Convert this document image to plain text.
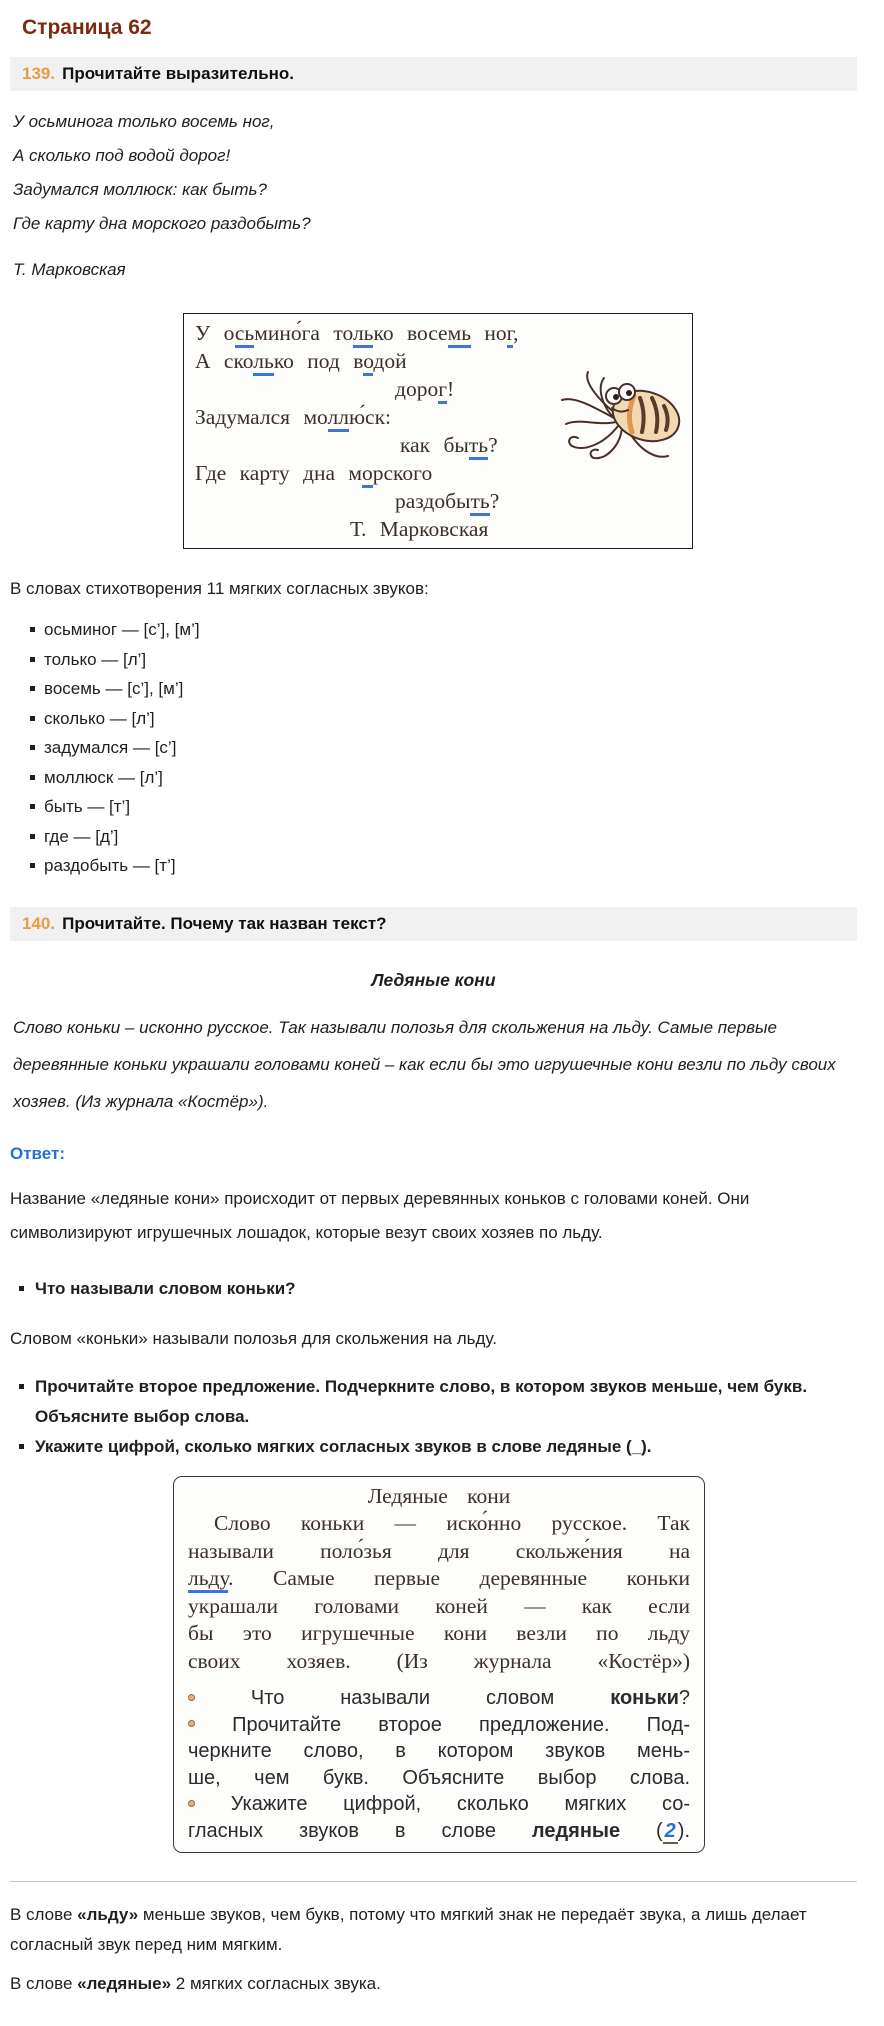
Страница 62
139. Прочитайте выразительно.
У осьминога только восемь ног,
А сколько под водой дорог!
Задумался моллюск: как быть?
Где карту дна морского раздобыть?
Т. Марковская
У осьмино́га только восемь ног,
А сколько под водой
дорог!
Задумался моллю́ск:
как быть?
Где карту дна морского
раздобыть?
Т. Марковская
В словах стихотворения 11 мягких согласных звуков:
осьминог — [с’], [м’]
только — [л’]
восемь — [с’], [м’]
сколько — [л’]
задумался — [с’]
моллюск — [л’]
быть — [т’]
где — [д’]
раздобыть — [т’]
140. Прочитайте. Почему так назван текст?
Ледяные кони
Слово коньки – исконно русское. Так называли полозья для скольжения на льду. Самые первые деревянные коньки украшали головами коней – как если бы это игрушечные кони везли по льду своих хозяев. (Из журнала «Костёр»).
Ответ:
Название «ледяные кони» происходит от первых деревянных коньков с головами коней. Они символизируют игрушечных лошадок, которые везут своих хозяев по льду.
Что называли словом коньки?
Словом «коньки» называли полозья для скольжения на льду.
Прочитайте второе предложение. Подчеркните слово, в котором звуков меньше, чем букв. Объясните выбор слова.
Укажите цифрой, сколько мягких согласных звуков в слове ледяные (_).
Ледяные кони
Слово коньки — иско́нно русское. Так
называли поло́зья для скольже́ния на
льду. Самые первые деревянные коньки
украшали головами коней — как если
бы это игрушечные кони везли по льду
своих хозяев. (Из журнала «Костёр»)
Что называли словом коньки?
Прочитайте второе предложение. Под-
черкните слово, в котором звуков мень-
ше, чем букв. Объясните выбор слова.
Укажите цифрой, сколько мягких со-
гласных звуков в слове ледяные ( 2 ).
В слове «льду» меньше звуков, чем букв, потому что мягкий знак не передаёт звука, а лишь делает согласный звук перед ним мягким.
В слове «ледяные» 2 мягких согласных звука.
